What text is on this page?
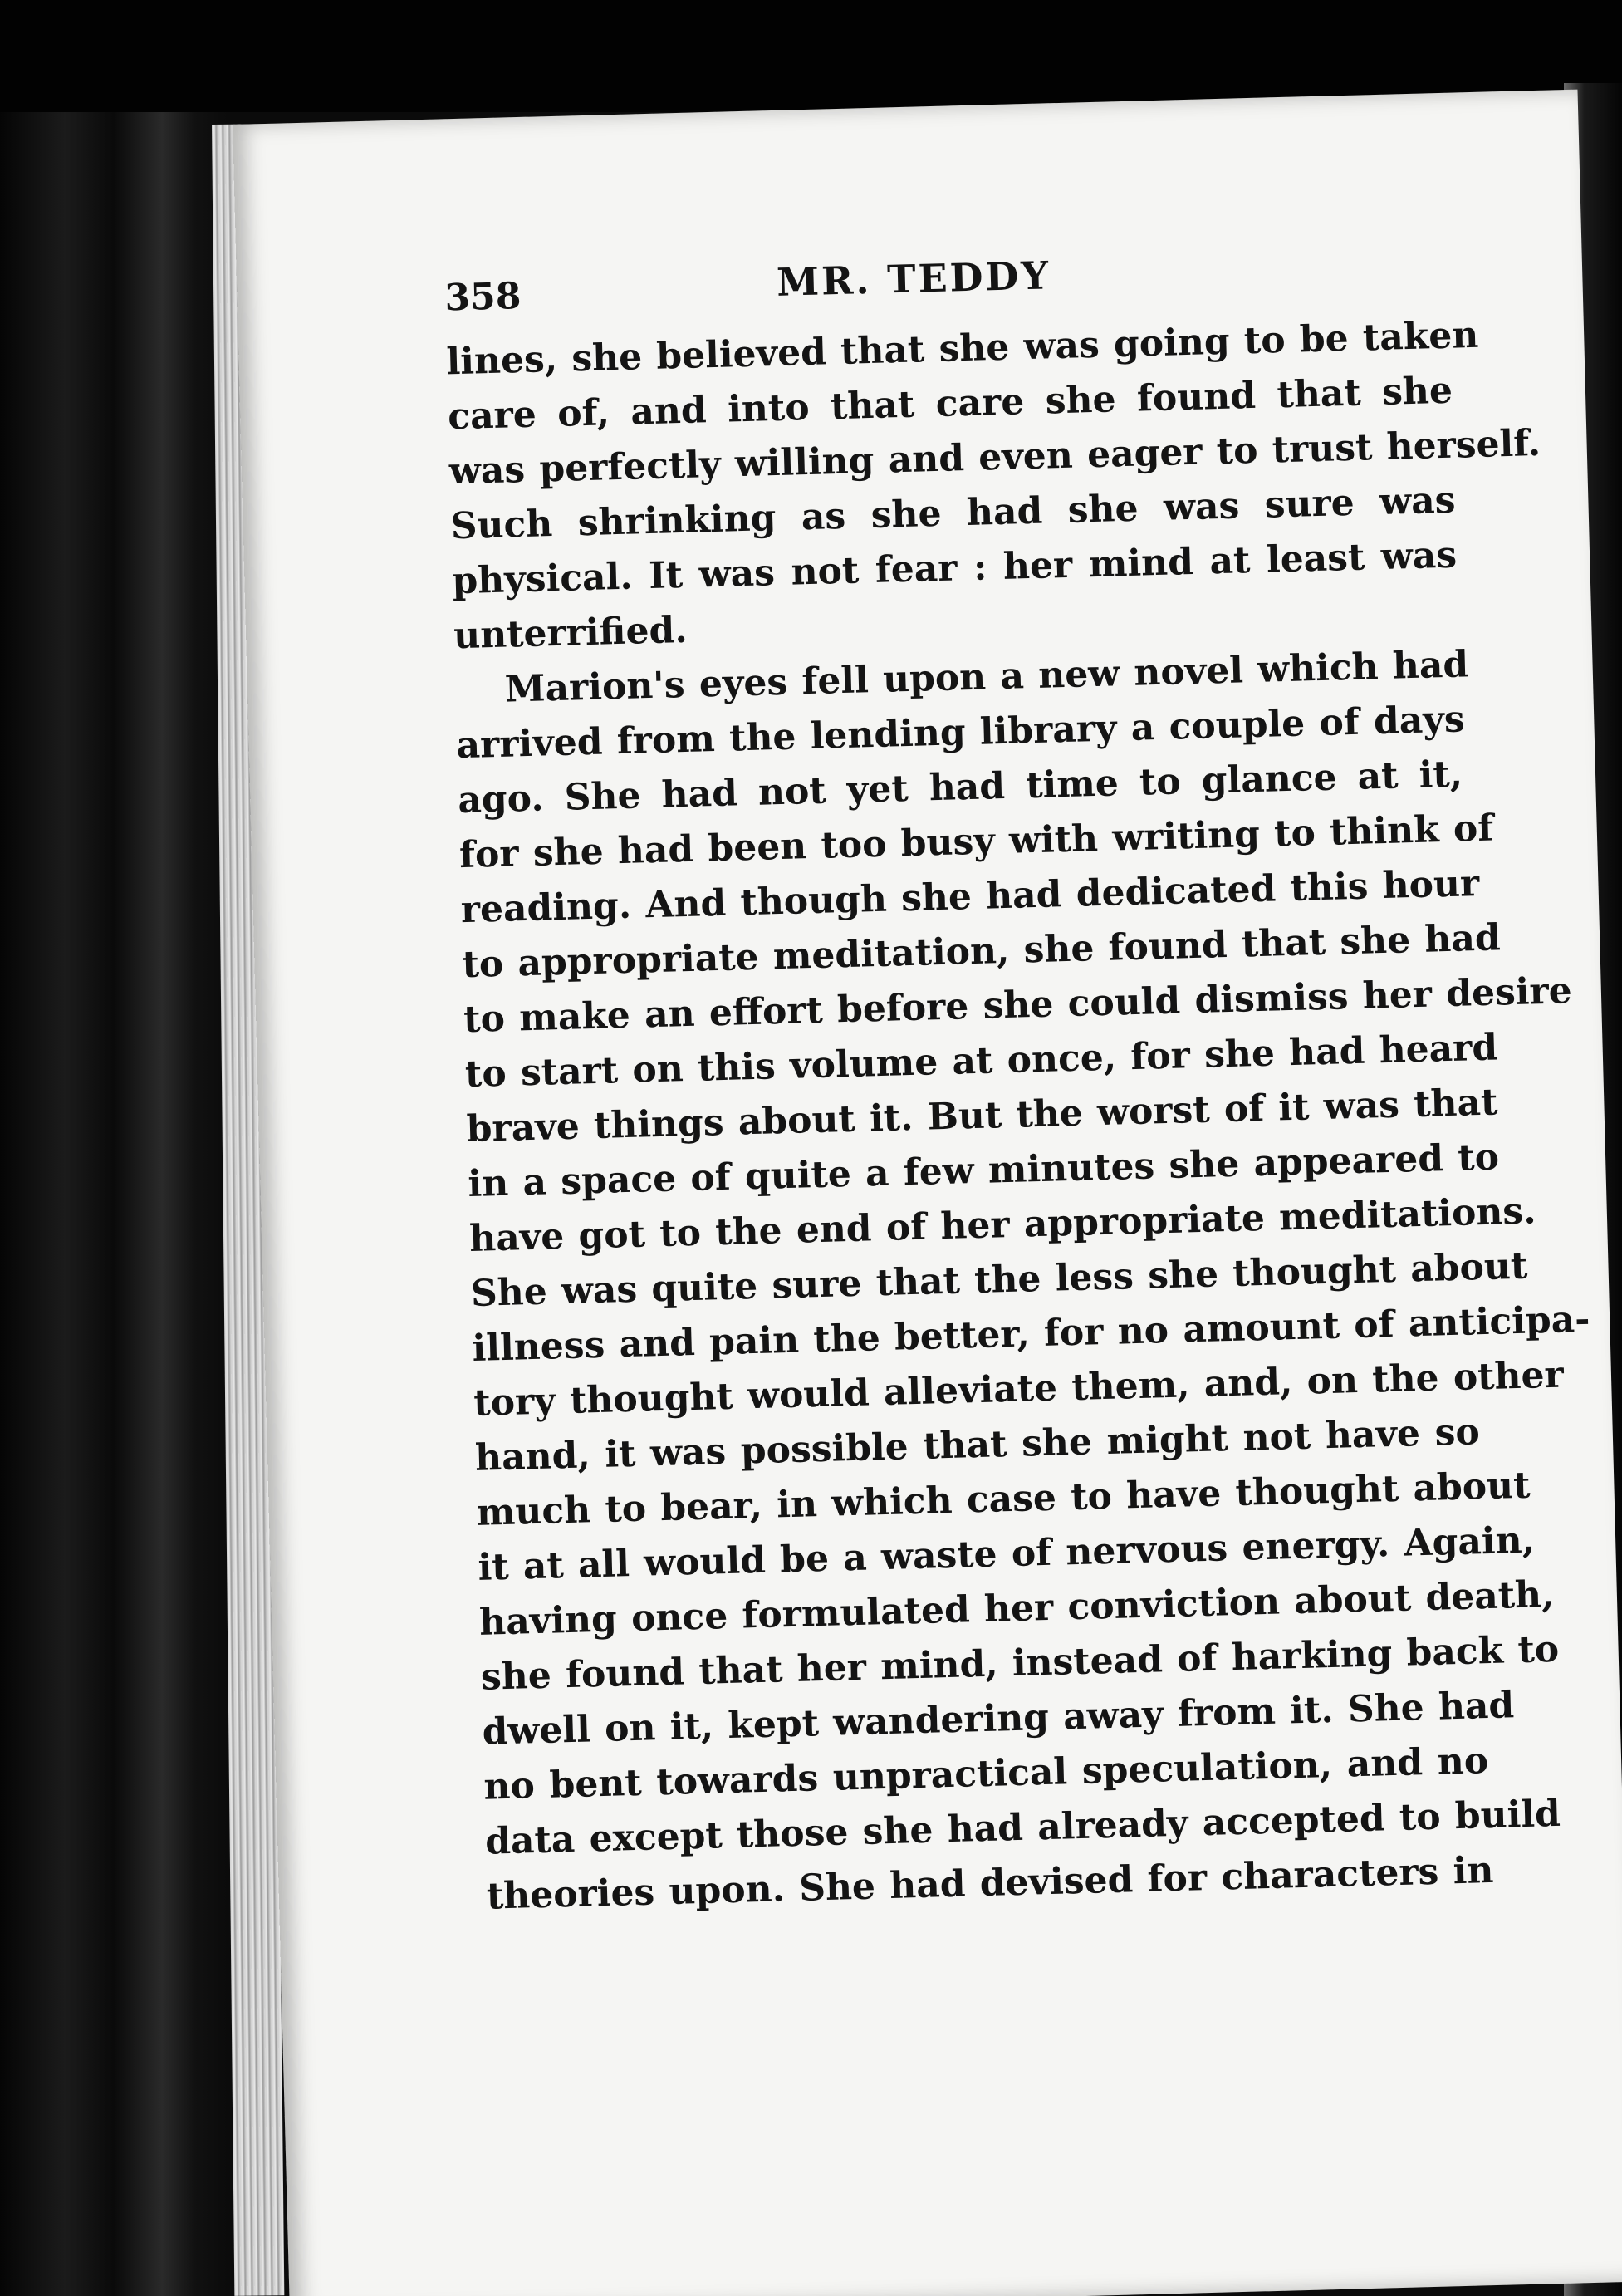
358	MR. TEDDY
lines, she believed that she was going to be taken
care of, and into that care she found that she
was perfectly willing and even eager to trust herself.
Such shrinking as she had she was sure was
physical. It was not fear : her mind at least was
unterrified.
Marion's eyes fell upon a new novel which had
arrived from the lending library a couple of days
ago. She had not yet had time to glance at it,
for she had been too busy with writing to think of
reading. And though she had dedicated this hour
to appropriate meditation, she found that she had
to make an effort before she could dismiss her desire
to start on this volume at once, for she had heard
brave things about it. But the worst of it was that
in a space of quite a few minutes she appeared to
have got to the end of her appropriate meditations.
She was quite sure that the less she thought about
illness and pain the better, for no amount of anticipa-
tory thought would alleviate them, and, on the other
hand, it was possible that she might not have so
much to bear, in which case to have thought about
it at all would be a waste of nervous energy. Again,
having once formulated her conviction about death,
she found that her mind, instead of harking back to
dwell on it, kept wandering away from it. She had
no bent towards unpractical speculation, and no
data except those she had already accepted to build
theories upon. She had devised for characters in
